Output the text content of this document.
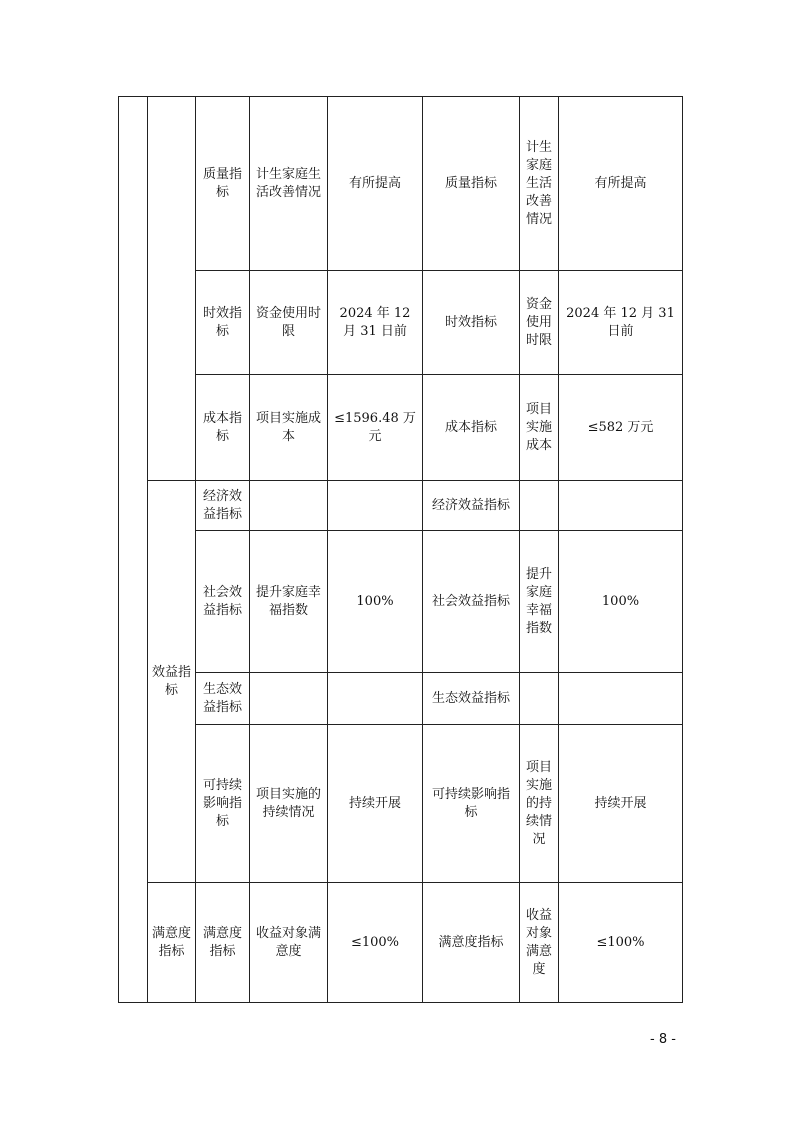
		质量指标	计生家庭生活改善情况	有所提高	质量指标	计生家庭生活改善情况	有所提高
		时效指标	资金使用时限	2024 年 12 月 31 日前	时效指标	资金使用时限	2024 年 12 月 31 日前
		成本指标	项目实施成本	≤1596.48 万元	成本指标	项目实施成本	≤582 万元
	效益指标	经济效益指标			经济效益指标		
		社会效益指标	提升家庭幸福指数	100%	社会效益指标	提升家庭幸福指数	100%
		生态效益指标			生态效益指标		
		可持续影响指标	项目实施的持续情况	持续开展	可持续影响指标	项目实施的持续情况	持续开展
	满意度指标	满意度指标	收益对象满意度	≤100%	满意度指标	收益对象满意度	≤100%
- 8 -
